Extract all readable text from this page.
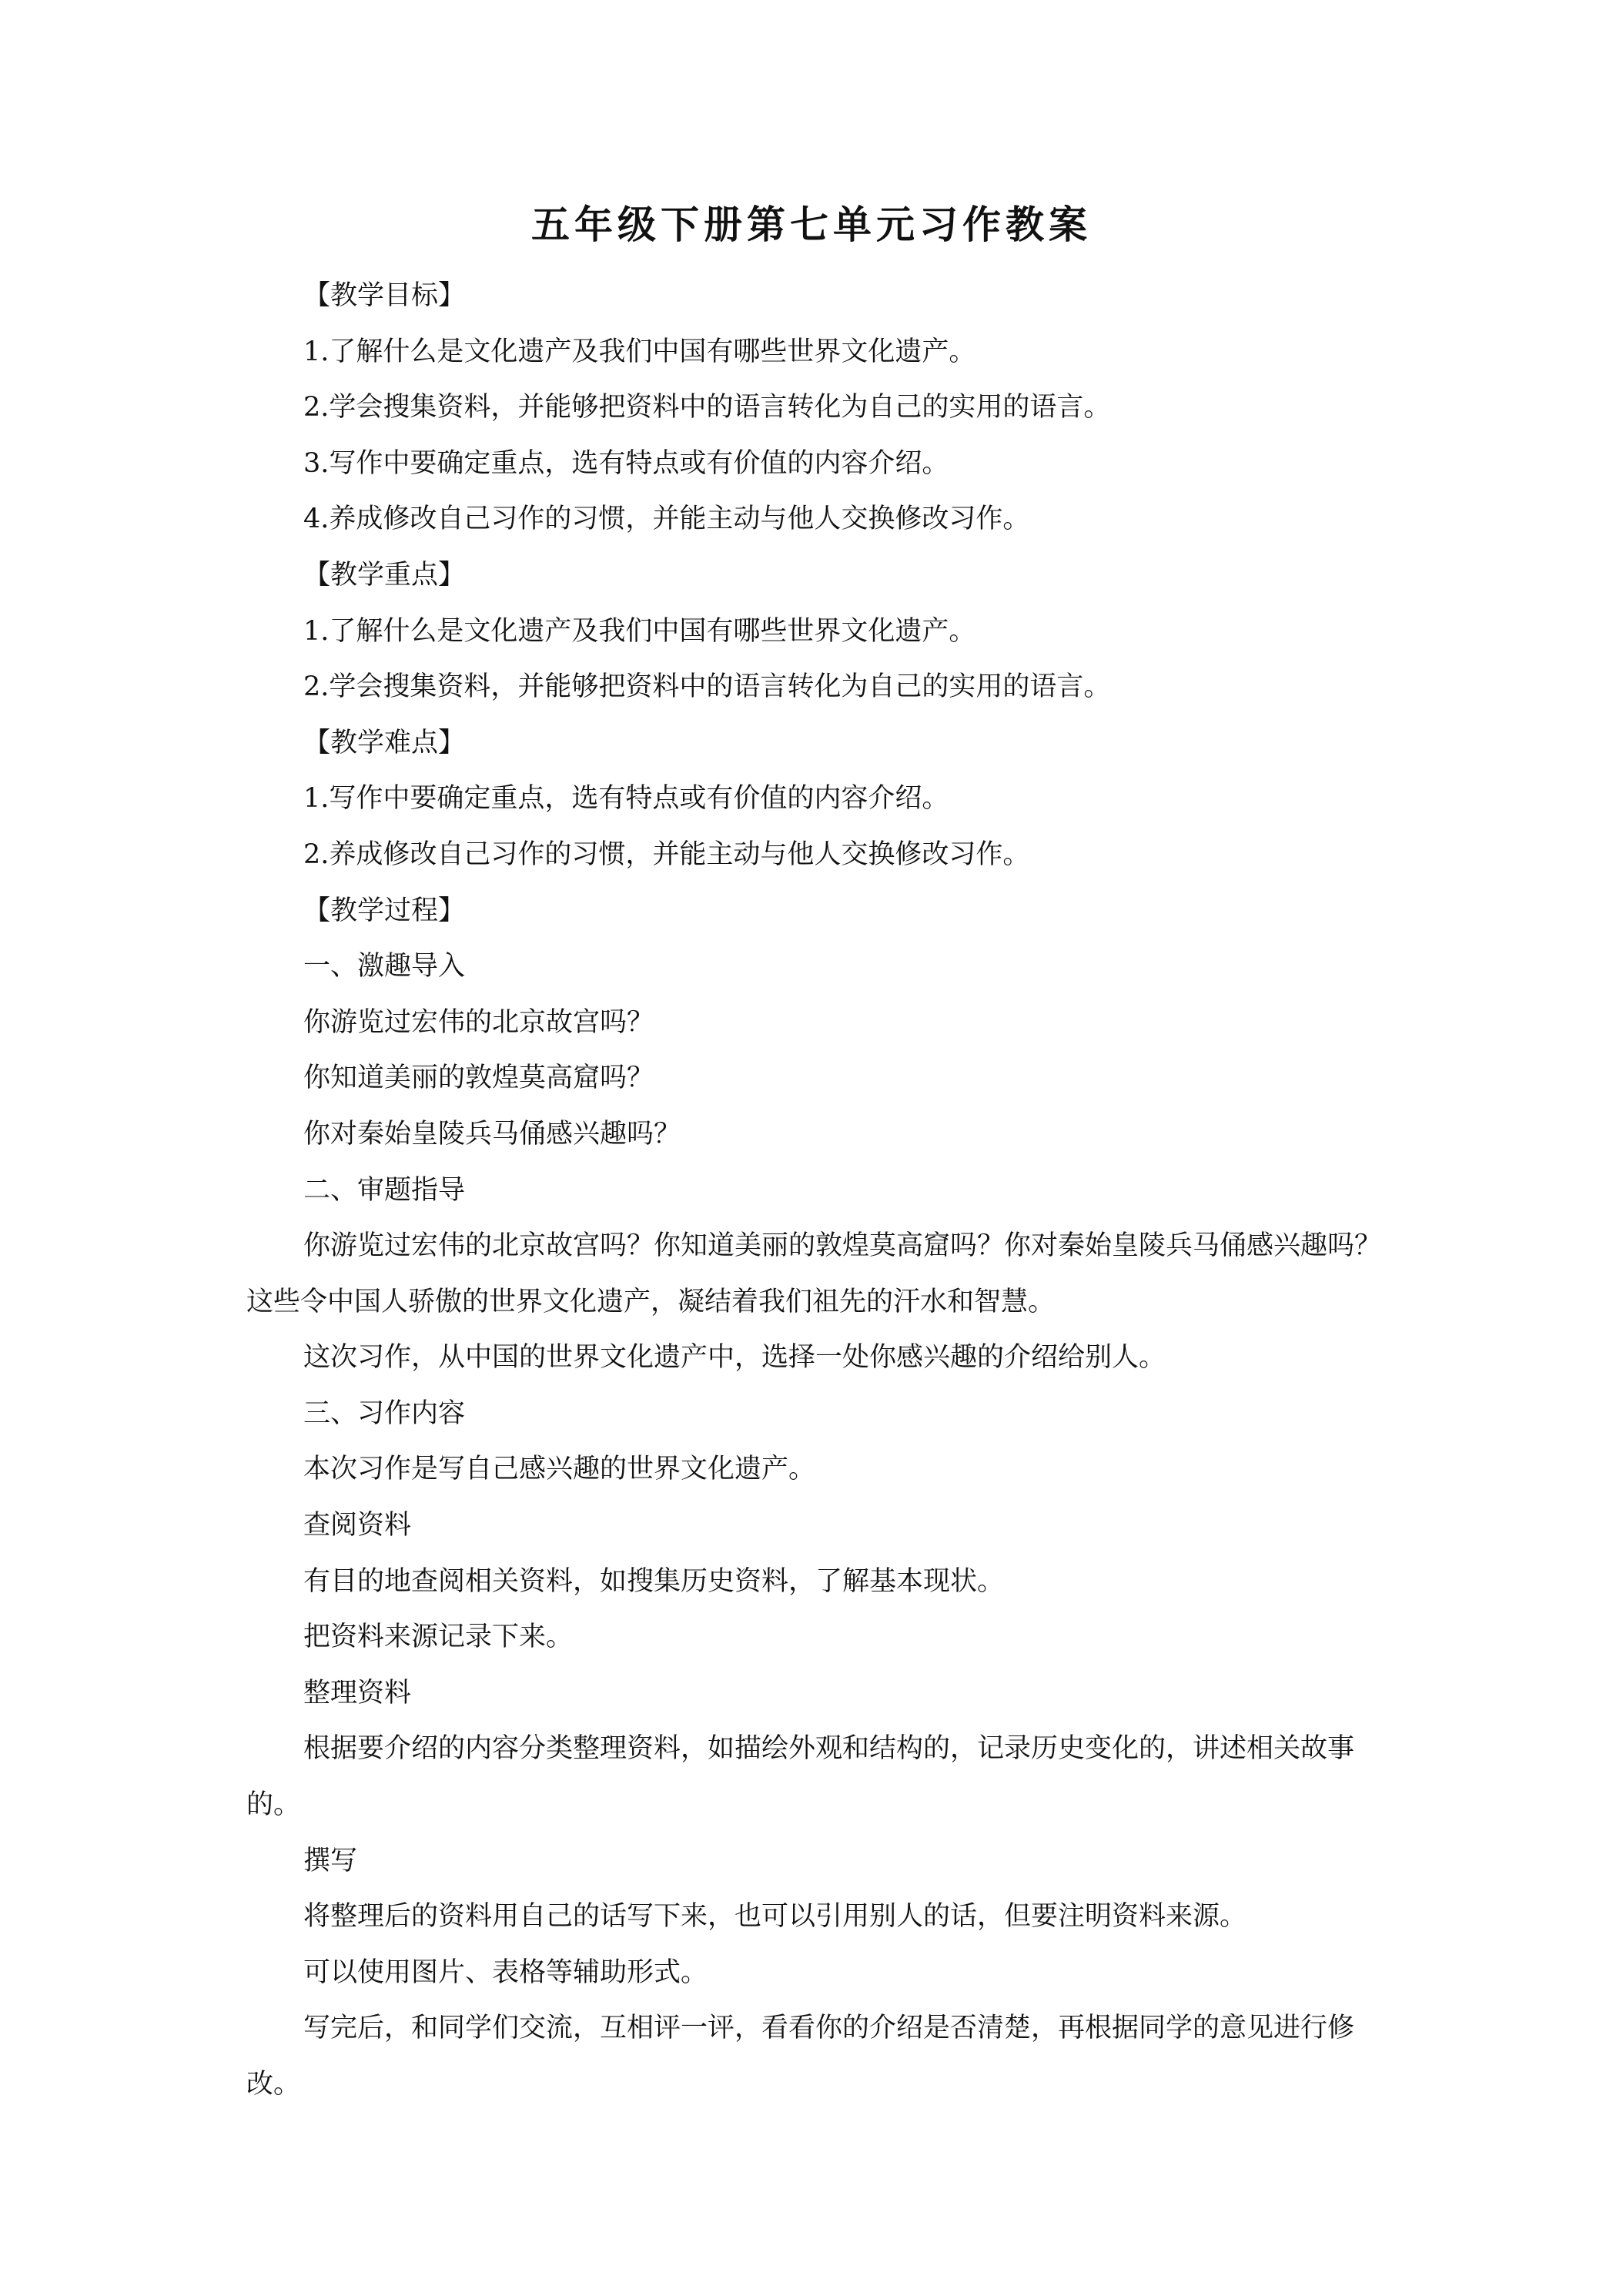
五年级下册第七单元习作教案

【教学目标】

1.了解什么是文化遗产及我们中国有哪些世界文化遗产。

2.学会搜集资料，并能够把资料中的语言转化为自己的实用的语言。

3.写作中要确定重点，选有特点或有价值的内容介绍。

4.养成修改自己习作的习惯，并能主动与他人交换修改习作。

【教学重点】

1.了解什么是文化遗产及我们中国有哪些世界文化遗产。

2.学会搜集资料，并能够把资料中的语言转化为自己的实用的语言。

【教学难点】

1.写作中要确定重点，选有特点或有价值的内容介绍。

2.养成修改自己习作的习惯，并能主动与他人交换修改习作。

【教学过程】

一、激趣导入

你游览过宏伟的北京故宫吗？

你知道美丽的敦煌莫高窟吗？

你对秦始皇陵兵马俑感兴趣吗？

二、审题指导

你游览过宏伟的北京故宫吗？你知道美丽的敦煌莫高窟吗？你对秦始皇陵兵马俑感兴趣吗？这些令中国人骄傲的世界文化遗产，凝结着我们祖先的汗水和智慧。

这次习作，从中国的世界文化遗产中，选择一处你感兴趣的介绍给别人。

三、习作内容

本次习作是写自己感兴趣的世界文化遗产。

查阅资料

有目的地查阅相关资料，如搜集历史资料，了解基本现状。

把资料来源记录下来。

整理资料

根据要介绍的内容分类整理资料，如描绘外观和结构的，记录历史变化的，讲述相关故事的。

撰写

将整理后的资料用自己的话写下来，也可以引用别人的话，但要注明资料来源。

可以使用图片、表格等辅助形式。

写完后，和同学们交流，互相评一评，看看你的介绍是否清楚，再根据同学的意见进行修改。
